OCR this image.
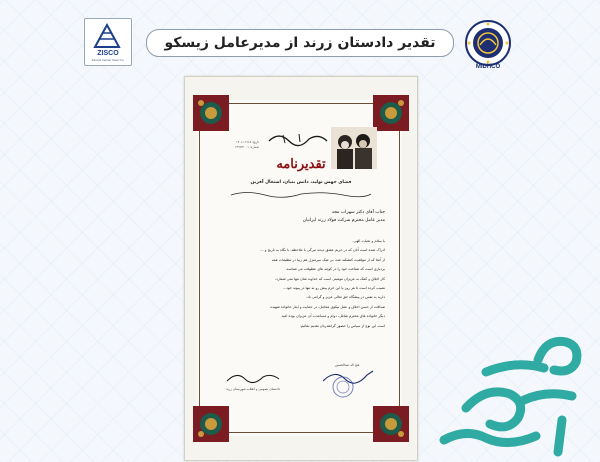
ZISCO
Zarand Iranian Steel Co.
تقدیر دادستان زرند از مدیرعامل زیسکو
MIDHCO
تاریخ: ۱۴۰۱/۰۲/۱۸
شماره: ۱۳۹۳/۲۰۰۱
تقدیرنامه
فضای جهش تولید، دانش بنیان، اشتغال آفرین
جناب آقای دکتر سهراب مجد
مدیر عامل محترم شرکت فولاد زرند ایرانیان
با سلام و تحیات الهی،
ادراک شده است آنان که در حریم عشق دیدند تیرگی با ملاحظه، با نگاه به تاریخ و ...
از آنجا که از موقعیت کنشکند شد، بی شک سرمنزل هم زیبا در تنظیمات همه
بردباری است که شناخت خود را در کوچه های عطوفت می شناسد.
کار اخلاق و کمک به عزیزان موهبتی است که خداوند شان تنها نمی شمارد،
نصیب کرده است تا هر روز با این خرم پیش رو نه تنها در پیوند خود...
دارید به نفس در پیشگاه حق تعالی عزیز و گرامی باد.
صداقت از حسن اخلاق و عمل نیکوی محامل، در حمایت و ایثار خانواده شهیده
دیگر خانواده های محترم شاغل، دوام و مساعدت آن عزیزان بوده امید
است این نوع از سپاس را حضور گرانقدرتان تقدیم نمائیم.
فتح اله عبدالحسین
دادستان عمومی و انقلاب شهرستان زرند
